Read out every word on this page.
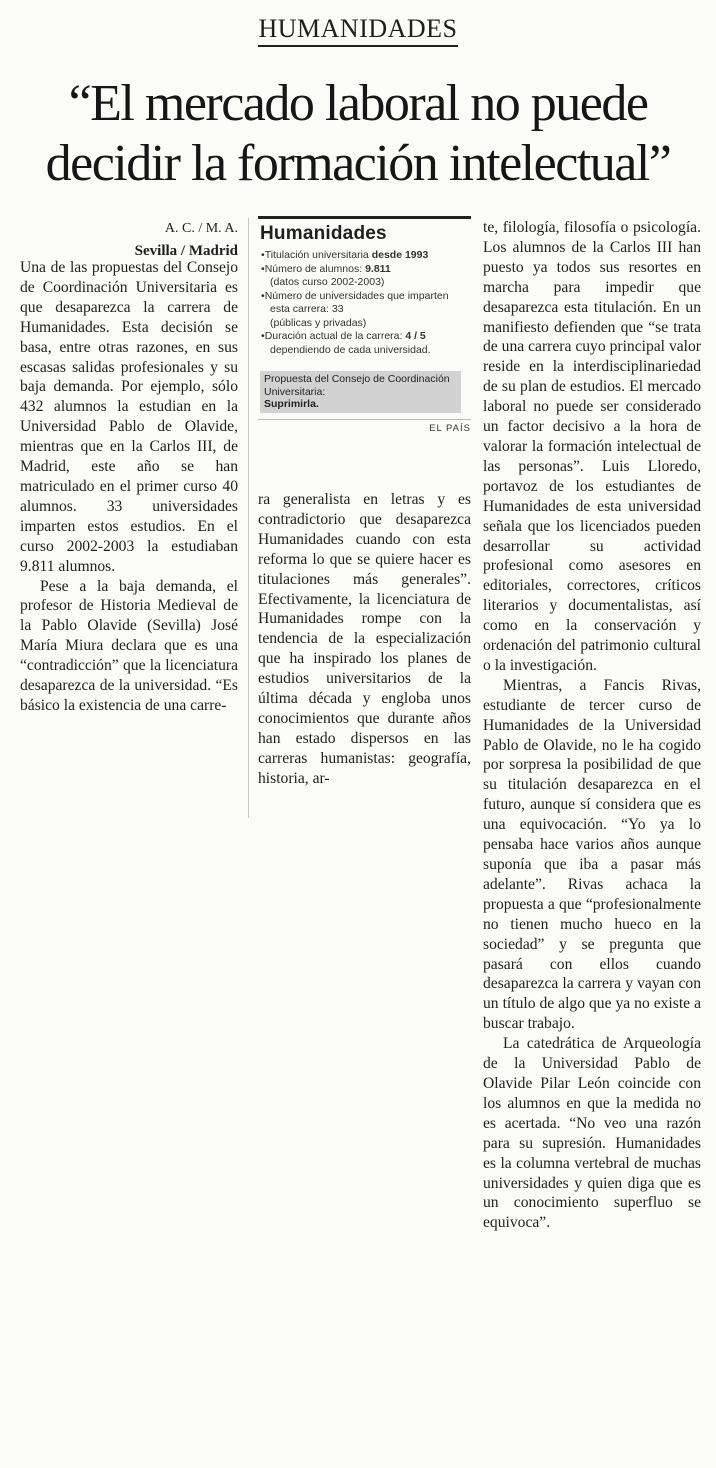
HUMANIDADES
“El mercado laboral no puede
decidir la formación intelectual”
A. C. / M. A.
Sevilla / Madrid

Una de las propuestas del Consejo de Coordinación Universitaria es que desaparezca la carrera de Humanidades. Esta decisión se basa, entre otras razones, en sus escasas salidas profesionales y su baja demanda. Por ejemplo, sólo 432 alumnos la estudian en la Universidad Pablo de Olavide, mientras que en la Carlos III, de Madrid, este año se han matriculado en el primer curso 40 alumnos. 33 universidades imparten estos estudios. En el curso 2002-2003 la estudiaban 9.811 alumnos.

Pese a la baja demanda, el profesor de Historia Medieval de la Pablo Olavide (Sevilla) José María Miura declara que es una “contradicción” que la licenciatura desaparezca de la universidad. “Es básico la existencia de una carre-

Humanidades
•Titulación universitaria desde 1993
•Número de alumnos: 9.811
(datos curso 2002-2003)
•Número de universidades que imparten esta carrera: 33
(públicas y privadas)
•Duración actual de la carrera: 4 / 5
dependiendo de cada universidad.
Propuesta del Consejo de Coordinación Universitaria:
Suprimirla.
EL PAÍS

ra generalista en letras y es contradictorio que desaparezca Humanidades cuando con esta reforma lo que se quiere hacer es titulaciones más generales”. Efectivamente, la licenciatura de Humanidades rompe con la tendencia de la especialización que ha inspirado los planes de estudios universitarios de la última década y engloba unos conocimientos que durante años han estado dispersos en las carreras humanistas: geografía, historia, ar-

te, filología, filosofía o psicología. Los alumnos de la Carlos III han puesto ya todos sus resortes en marcha para impedir que desaparezca esta titulación. En un manifiesto defienden que “se trata de una carrera cuyo principal valor reside en la interdisciplinariedad de su plan de estudios. El mercado laboral no puede ser considerado un factor decisivo a la hora de valorar la formación intelectual de las personas”. Luis Lloredo, portavoz de los estudiantes de Humanidades de esta universidad señala que los licenciados pueden desarrollar su actividad profesional como asesores en editoriales, correctores, críticos literarios y documentalistas, así como en la conservación y ordenación del patrimonio cultural o la investigación.

Mientras, a Fancis Rivas, estudiante de tercer curso de Humanidades de la Universidad Pablo de Olavide, no le ha cogido por sorpresa la posibilidad de que su titulación desaparezca en el futuro, aunque sí considera que es una equivocación. “Yo ya lo pensaba hace varios años aunque suponía que iba a pasar más adelante”. Rivas achaca la propuesta a que “profesionalmente no tienen mucho hueco en la sociedad” y se pregunta que pasará con ellos cuando desaparezca la carrera y vayan con un título de algo que ya no existe a buscar trabajo.

La catedrática de Arqueología de la Universidad Pablo de Olavide Pilar León coincide con los alumnos en que la medida no es acertada. “No veo una razón para su supresión. Humanidades es la columna vertebral de muchas universidades y quien diga que es un conocimiento superfluo se equivoca”.
